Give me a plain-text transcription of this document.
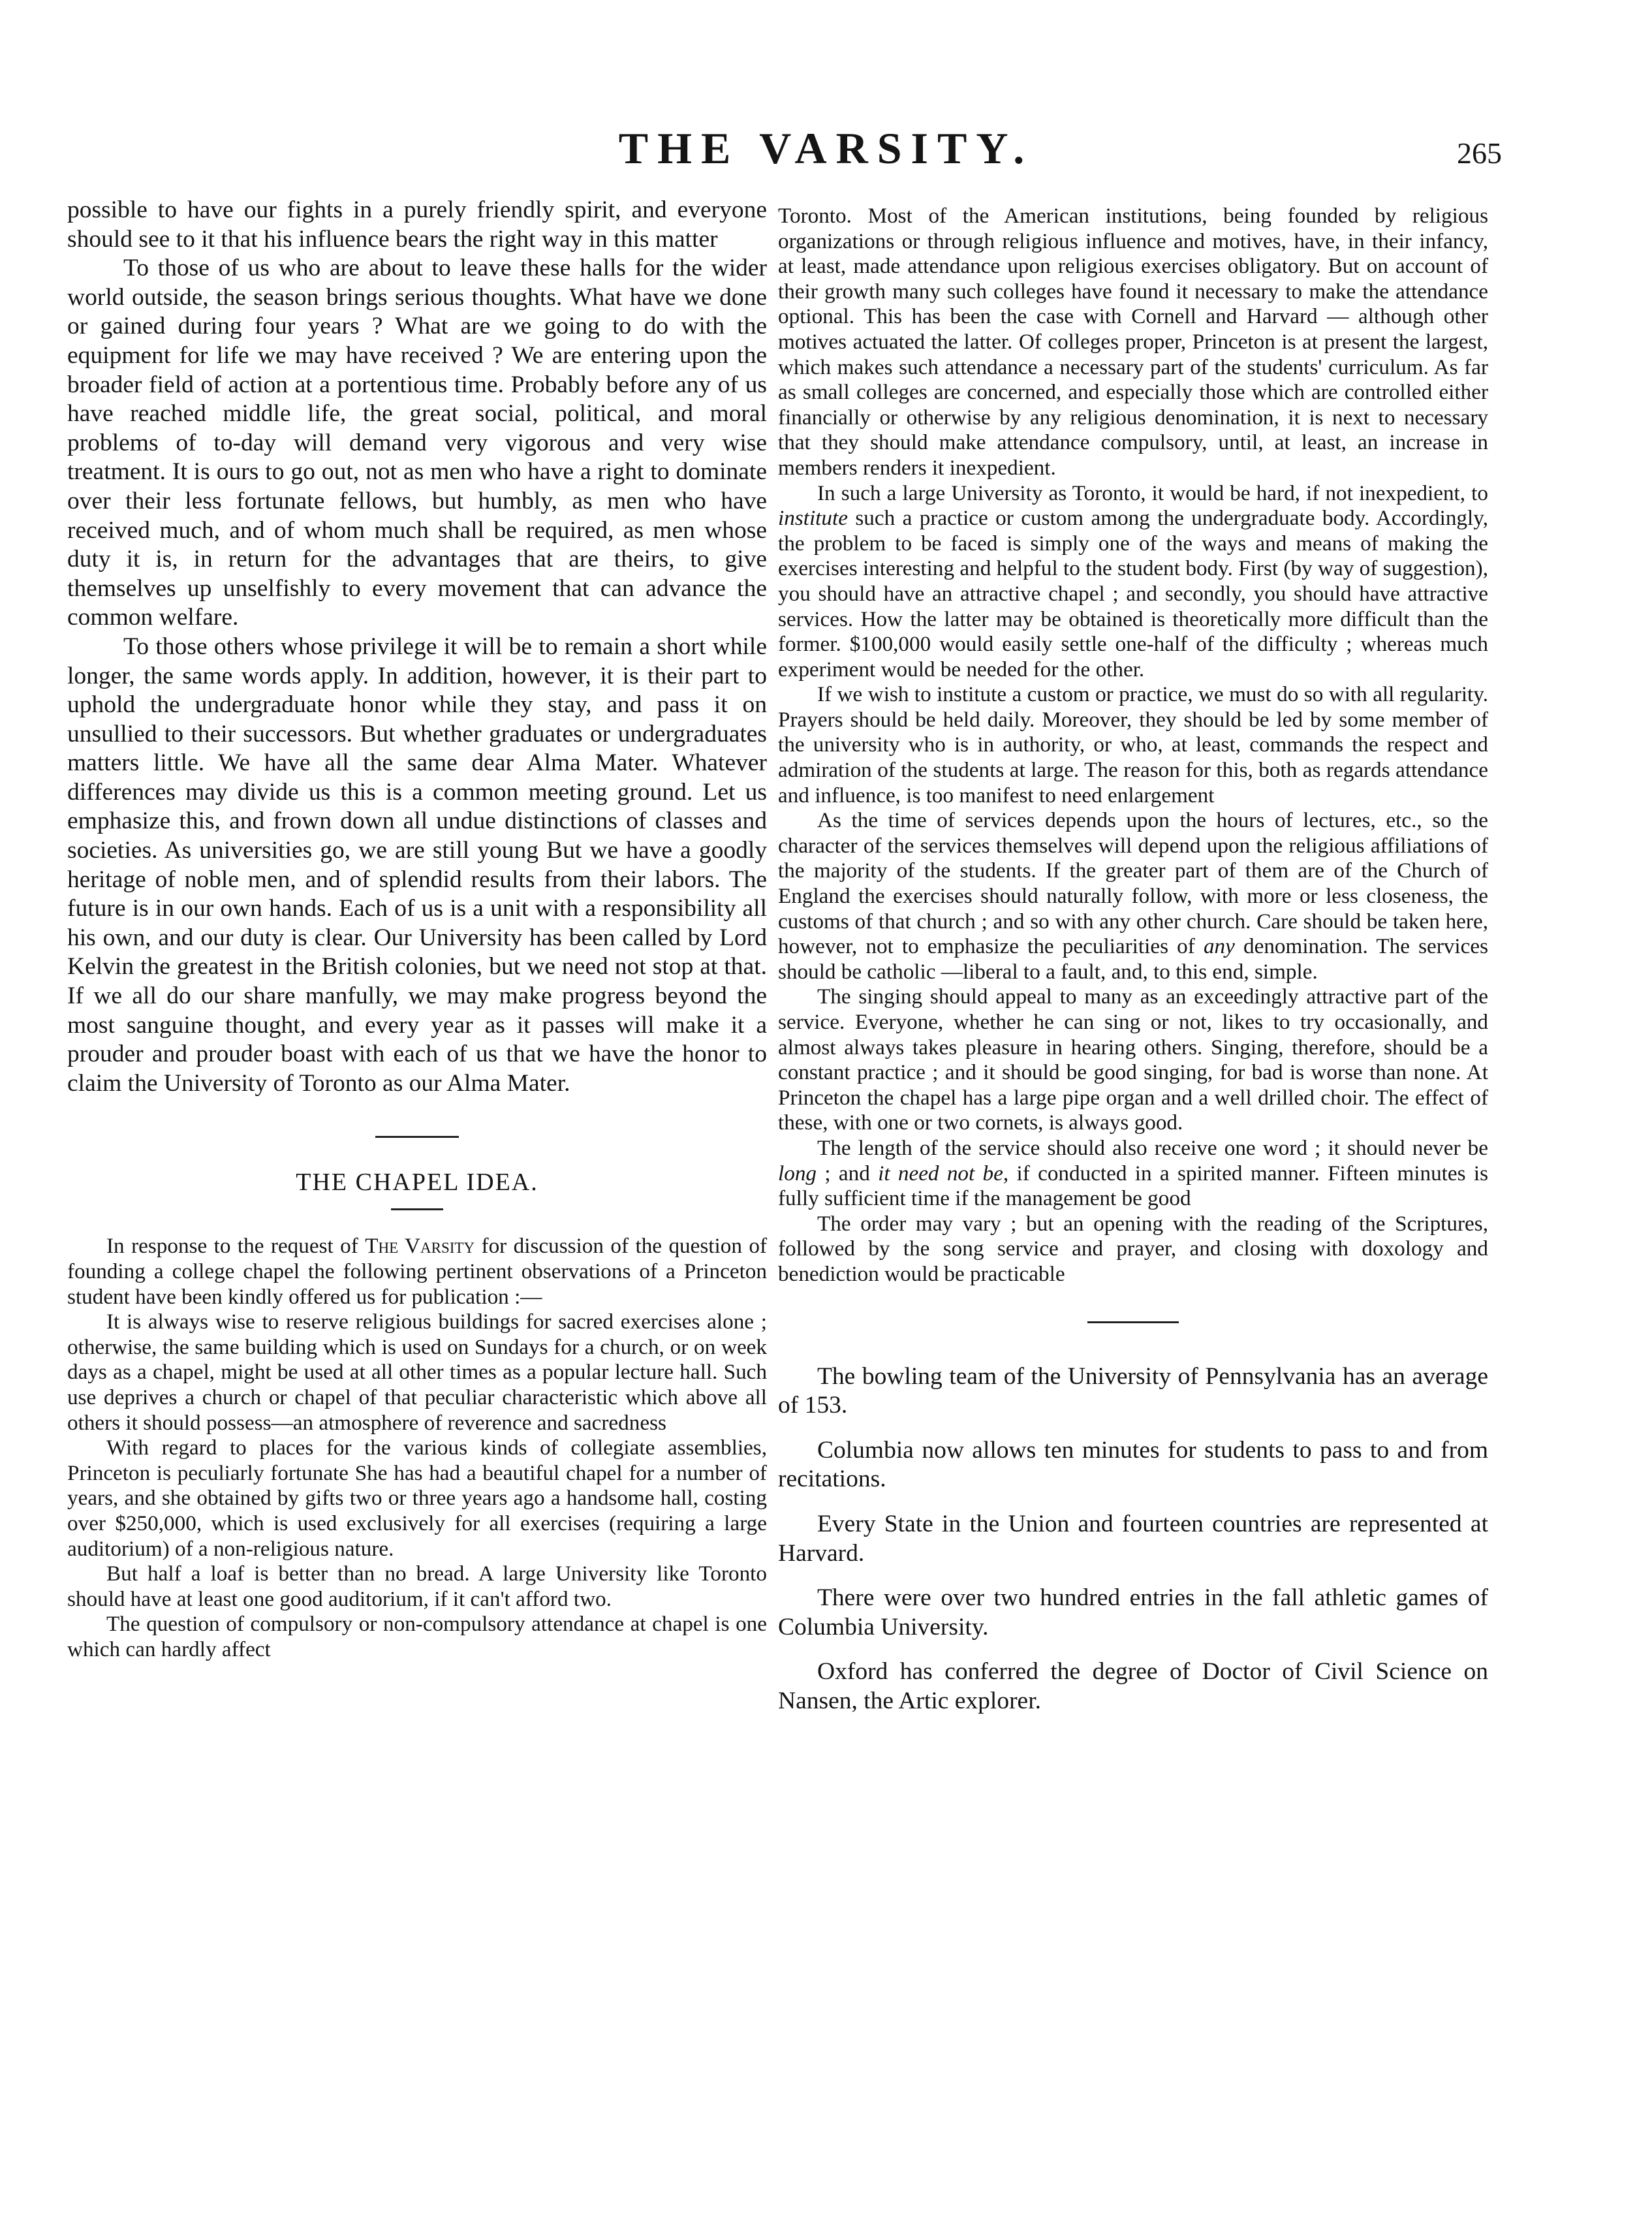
THE VARSITY.	265

possible to have our fights in a purely friendly spirit, and everyone should see to it that his influence bears the right way in this matter

To those of us who are about to leave these halls for the wider world outside, the season brings serious thoughts. What have we done or gained during four years ? What are we going to do with the equipment for life we may have received ? We are entering upon the broader field of action at a portentious time. Probably before any of us have reached middle life, the great social, political, and moral problems of to-day will demand very vigorous and very wise treatment. It is ours to go out, not as men who have a right to dominate over their less fortunate fellows, but humbly, as men who have received much, and of whom much shall be required, as men whose duty it is, in return for the advantages that are theirs, to give themselves up unselfishly to every movement that can advance the common welfare.

To those others whose privilege it will be to remain a short while longer, the same words apply. In addition, however, it is their part to uphold the undergraduate honor while they stay, and pass it on unsullied to their successors. But whether graduates or undergraduates matters little. We have all the same dear Alma Mater. Whatever differences may divide us this is a common meeting ground. Let us emphasize this, and frown down all undue distinctions of classes and societies. As universities go, we are still young But we have a goodly heritage of noble men, and of splendid results from their labors. The future is in our own hands. Each of us is a unit with a responsibility all his own, and our duty is clear. Our University has been called by Lord Kelvin the greatest in the British colonies, but we need not stop at that. If we all do our share manfully, we may make progress beyond the most sanguine thought, and every year as it passes will make it a prouder and prouder boast with each of us that we have the honor to claim the University of Toronto as our Alma Mater.

THE CHAPEL IDEA.

In response to the request of The Varsity for discussion of the question of founding a college chapel the following pertinent observations of a Princeton student have been kindly offered us for publication :—

It is always wise to reserve religious buildings for sacred exercises alone ; otherwise, the same building which is used on Sundays for a church, or on week days as a chapel, might be used at all other times as a popular lecture hall. Such use deprives a church or chapel of that peculiar characteristic which above all others it should possess—an atmosphere of reverence and sacredness

With regard to places for the various kinds of collegiate assemblies, Princeton is peculiarly fortunate She has had a beautiful chapel for a number of years, and she obtained by gifts two or three years ago a handsome hall, costing over $250,000, which is used exclusively for all exercises (requiring a large auditorium) of a non-religious nature.

But half a loaf is better than no bread. A large University like Toronto should have at least one good auditorium, if it can't afford two.

The question of compulsory or non-compulsory attendance at chapel is one which can hardly affect

Toronto. Most of the American institutions, being founded by religious organizations or through religious influence and motives, have, in their infancy, at least, made attendance upon religious exercises obligatory. But on account of their growth many such colleges have found it necessary to make the attendance optional. This has been the case with Cornell and Harvard — although other motives actuated the latter. Of colleges proper, Princeton is at present the largest, which makes such attendance a necessary part of the students' curriculum. As far as small colleges are concerned, and especially those which are controlled either financially or otherwise by any religious denomination, it is next to necessary that they should make attendance compulsory, until, at least, an increase in members renders it inexpedient.

In such a large University as Toronto, it would be hard, if not inexpedient, to institute such a practice or custom among the undergraduate body. Accordingly, the problem to be faced is simply one of the ways and means of making the exercises interesting and helpful to the student body. First (by way of suggestion), you should have an attractive chapel ; and secondly, you should have attractive services. How the latter may be obtained is theoretically more difficult than the former. $100,000 would easily settle one-half of the difficulty ; whereas much experiment would be needed for the other.

If we wish to institute a custom or practice, we must do so with all regularity. Prayers should be held daily. Moreover, they should be led by some member of the university who is in authority, or who, at least, commands the respect and admiration of the students at large. The reason for this, both as regards attendance and influence, is too manifest to need enlargement

As the time of services depends upon the hours of lectures, etc., so the character of the services themselves will depend upon the religious affiliations of the majority of the students. If the greater part of them are of the Church of England the exercises should naturally follow, with more or less closeness, the customs of that church ; and so with any other church. Care should be taken here, however, not to emphasize the peculiarities of any denomination. The services should be catholic —liberal to a fault, and, to this end, simple.

The singing should appeal to many as an exceedingly attractive part of the service. Everyone, whether he can sing or not, likes to try occasionally, and almost always takes pleasure in hearing others. Singing, therefore, should be a constant practice ; and it should be good singing, for bad is worse than none. At Princeton the chapel has a large pipe organ and a well drilled choir. The effect of these, with one or two cornets, is always good.

The length of the service should also receive one word ; it should never be long ; and it need not be, if conducted in a spirited manner. Fifteen minutes is fully sufficient time if the management be good

The order may vary ; but an opening with the reading of the Scriptures, followed by the song service and prayer, and closing with doxology and benediction would be practicable

The bowling team of the University of Pennsylvania has an average of 153.

Columbia now allows ten minutes for students to pass to and from recitations.

Every State in the Union and fourteen countries are represented at Harvard.

There were over two hundred entries in the fall athletic games of Columbia University.

Oxford has conferred the degree of Doctor of Civil Science on Nansen, the Artic explorer.
